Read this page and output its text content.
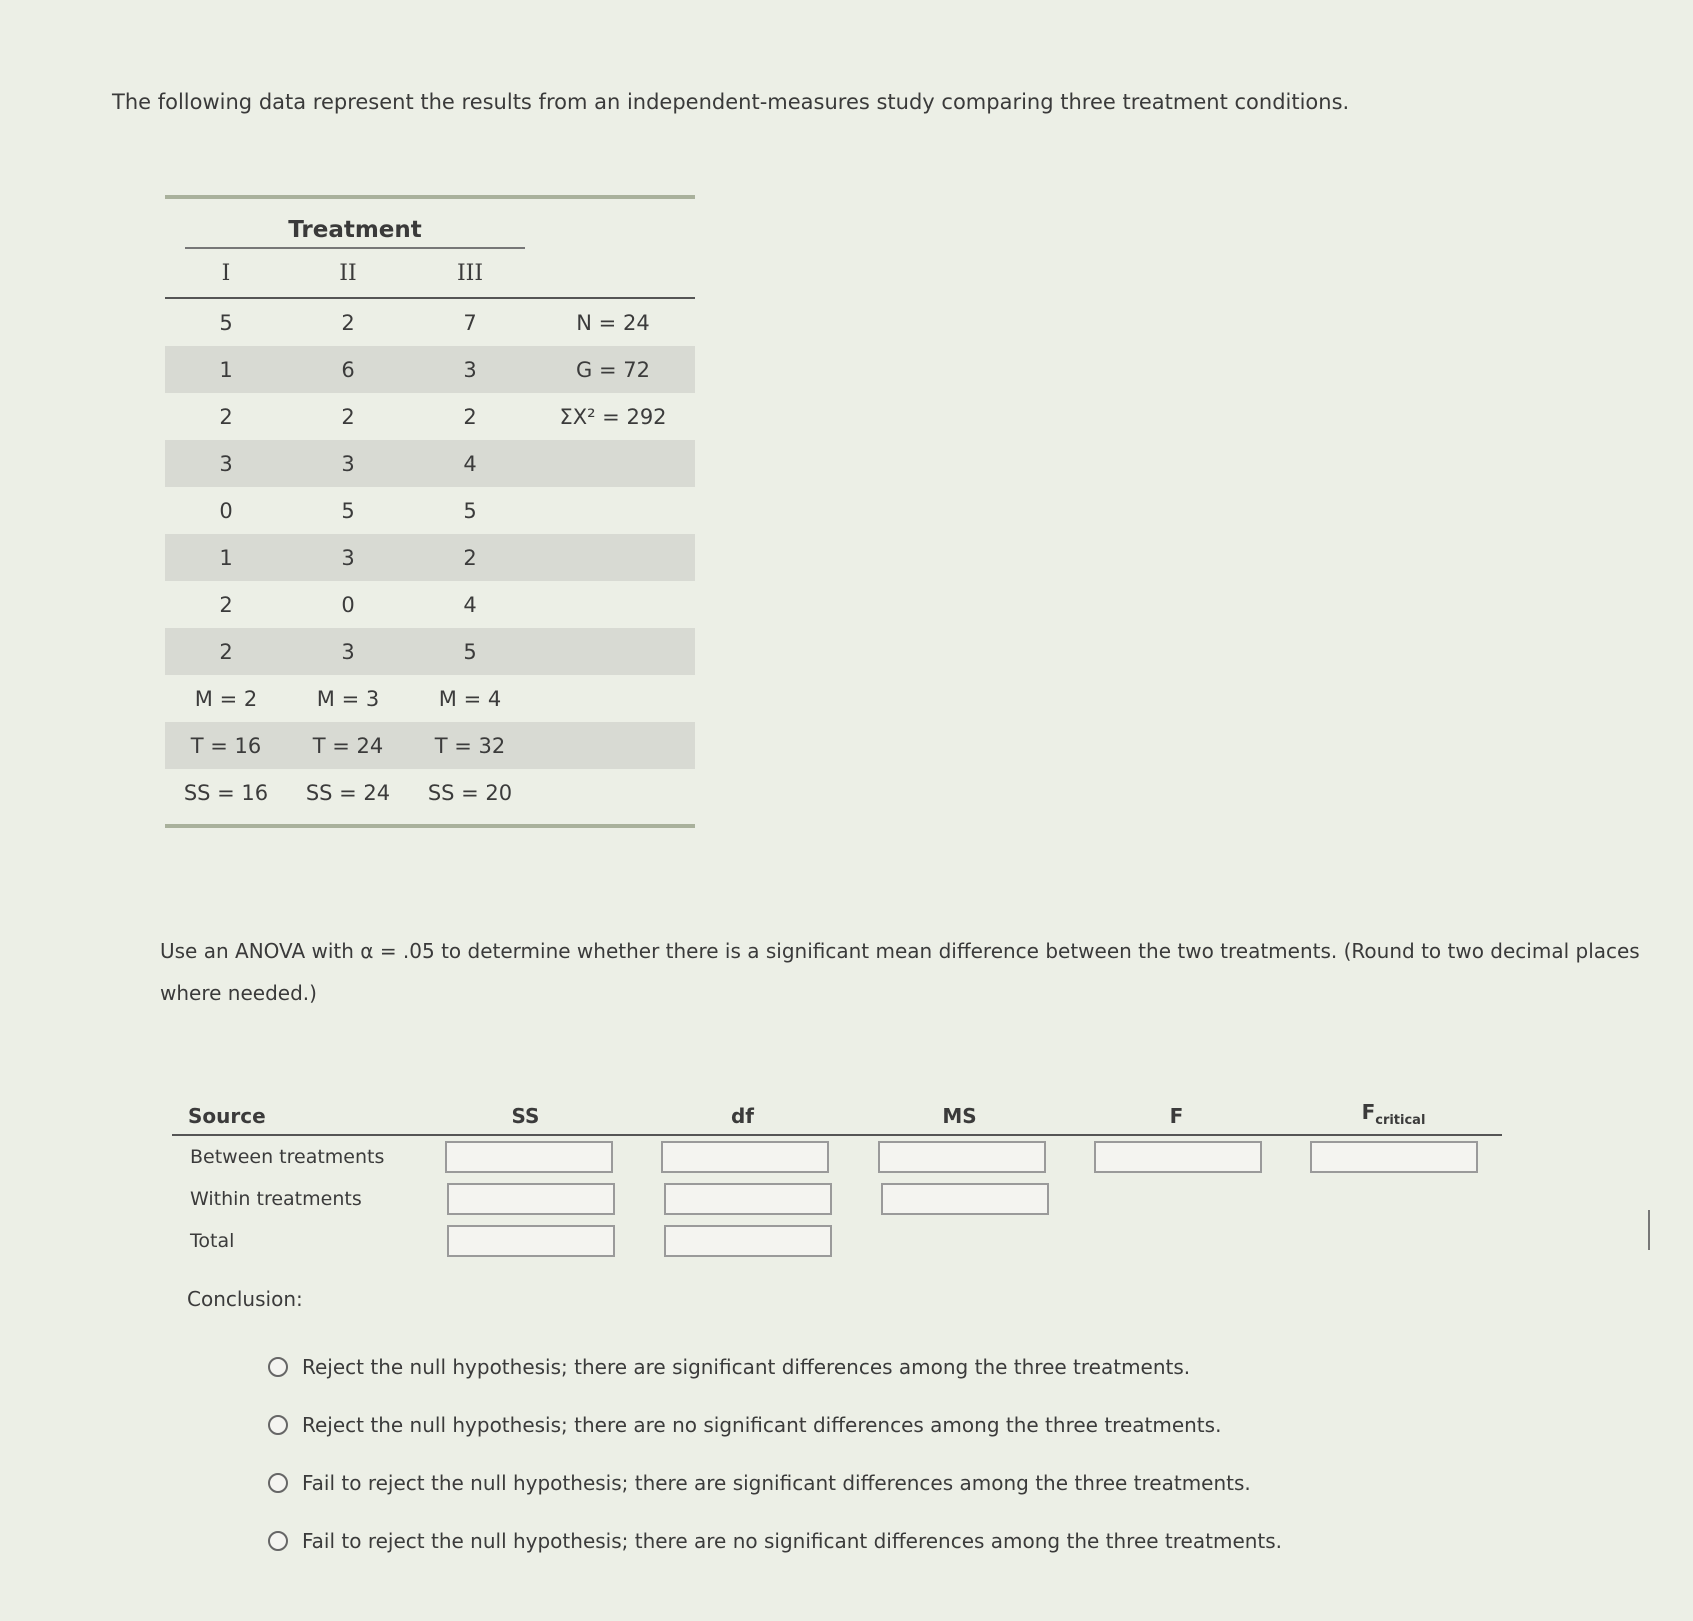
The following data represent the results from an independent-measures study comparing three treatment conditions.
Treatment
I	II	III
5	2	7	N = 24
1	6	3	G = 72
2	2	2	ΣX² = 292
3	3	4
0	5	5
1	3	2
2	0	4
2	3	5
M = 2	M = 3	M = 4
T = 16	T = 24	T = 32
SS = 16	SS = 24	SS = 20
Use an ANOVA with α = .05 to determine whether there is a significant mean difference between the two treatments. (Round to two decimal places where needed.)
Source	SS	df	MS	F	$F_{critical}$
Between treatments
Within treatments
Total
Conclusion:
Reject the null hypothesis; there are significant differences among the three treatments.
Reject the null hypothesis; there are no significant differences among the three treatments.
Fail to reject the null hypothesis; there are significant differences among the three treatments.
Fail to reject the null hypothesis; there are no significant differences among the three treatments.
